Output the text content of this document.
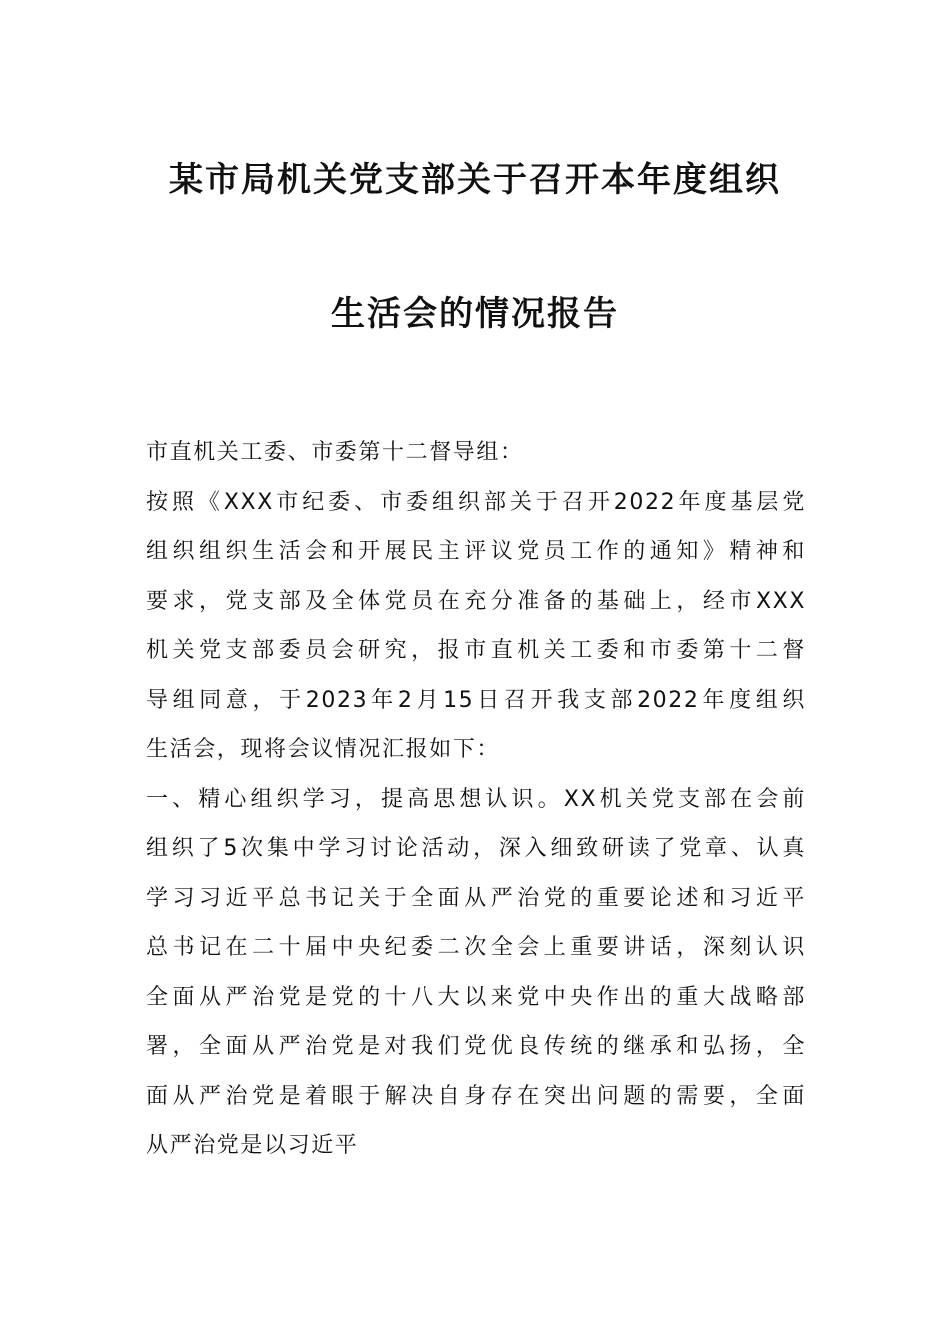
某市局机关党支部关于召开本年度组织
生活会的情况报告

市直机关工委、市委第十二督导组：

按照《XXX市纪委、市委组织部关于召开2022年度基层党
组织组织生活会和开展民主评议党员工作的通知》精神和
要求，党支部及全体党员在充分准备的基础上，经市XXX
机关党支部委员会研究，报市直机关工委和市委第十二督
导组同意，于2023年2月15日召开我支部2022年度组织
生活会，现将会议情况汇报如下：

一、精心组织学习，提高思想认识。XX机关党支部在会前
组织了5次集中学习讨论活动，深入细致研读了党章、认真
学习习近平总书记关于全面从严治党的重要论述和习近平
总书记在二十届中央纪委二次全会上重要讲话，深刻认识
全面从严治党是党的十八大以来党中央作出的重大战略部
署，全面从严治党是对我们党优良传统的继承和弘扬，全
面从严治党是着眼于解决自身存在突出问题的需要，全面
从严治党是以习近平
